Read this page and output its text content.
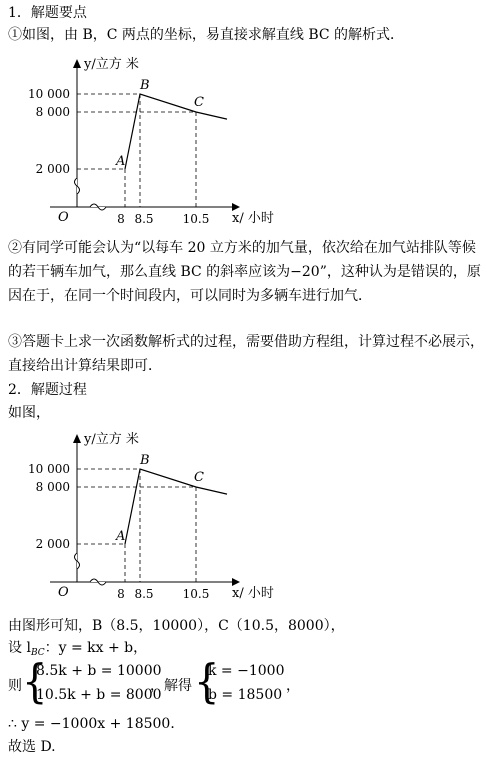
1．解题要点
①如图，由 B，C 两点的坐标，易直接求解直线 BC 的解析式．
y/立方 米
x/ 小时
O
10 000
8 000
2 000
8 8.5 10.5
A
B
C
②有同学可能会认为“以每车 20 立方米的加气量，依次给在加气站排队等候的若干辆车加气，那么直线 BC 的斜率应该为−20”，这种认为是错误的，原因在于，在同一个时间段内，可以同时为多辆车进行加气．
③答题卡上求一次函数解析式的过程，需要借助方程组，计算过程不必展示，直接给出计算结果即可．
2．解题过程
如图，
y/立方 米
x/ 小时
O
10 000
8 000
2 000
8 8.5 10.5
A
B
C
由图形可知，B（8.5，10000），C（10.5，8000），
设 $l_{BC}$：y = kx + b，
则 {
8.5k + b = 10000
10.5k + b = 8000
，解得 {
k = −1000
b = 18500
，
∴ y = −1000x + 18500．
故选 D.
